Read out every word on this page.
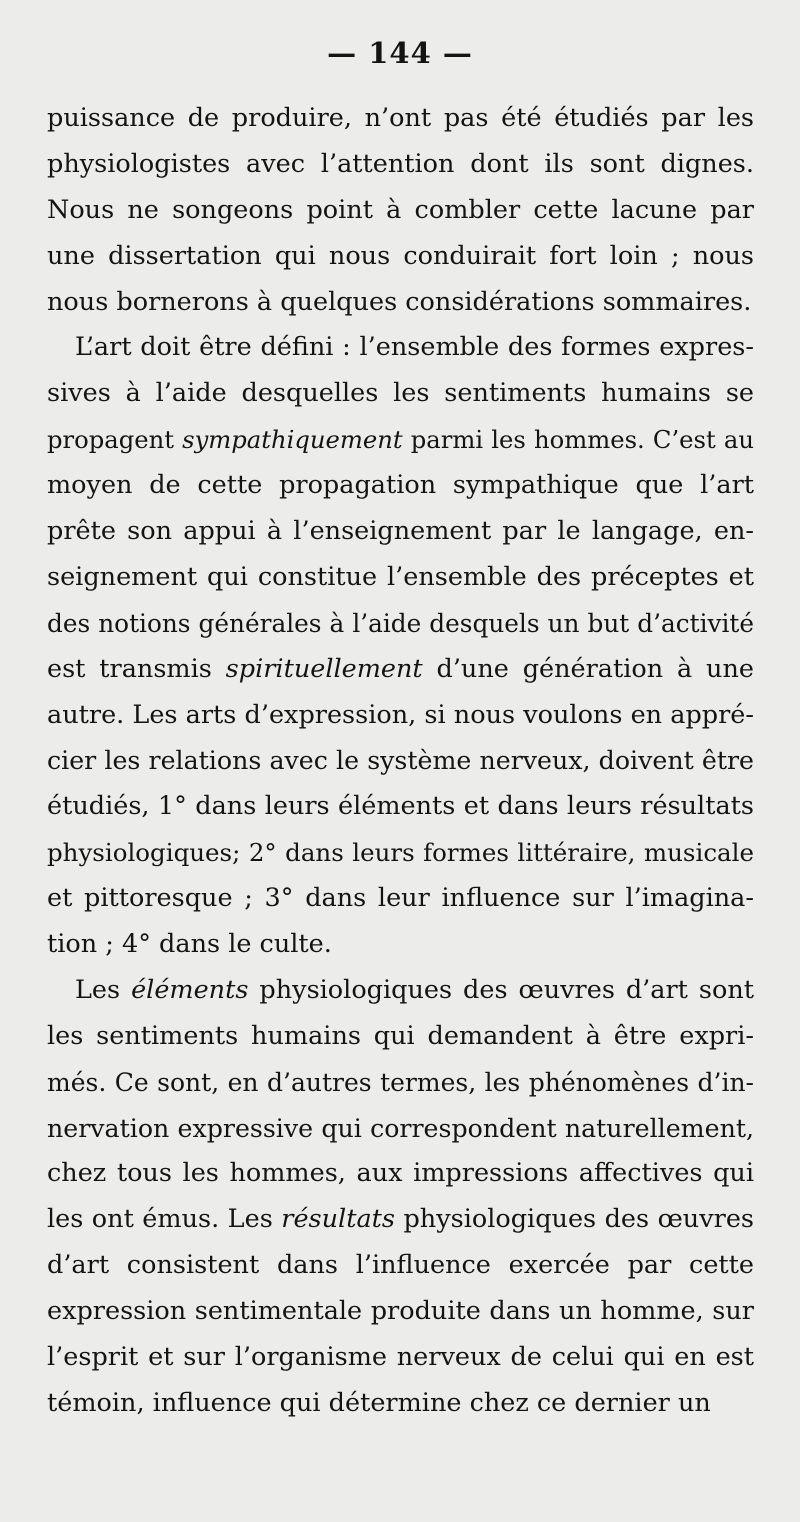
— 144 —
puissance de produire, n’ont pas été étudiés par les
physiologistes avec l’attention dont ils sont dignes.
Nous ne songeons point à combler cette lacune par
une dissertation qui nous conduirait fort loin ; nous
nous bornerons à quelques considérations sommaires.
L’art doit être défini : l’ensemble des formes expres-
sives à l’aide desquelles les sentiments humains se
propagent sympathiquement parmi les hommes. C’est au
moyen de cette propagation sympathique que l’art
prête son appui à l’enseignement par le langage, en-
seignement qui constitue l’ensemble des préceptes et
des notions générales à l’aide desquels un but d’activité
est transmis spirituellement d’une génération à une
autre. Les arts d’expression, si nous voulons en appré-
cier les relations avec le système nerveux, doivent être
étudiés, 1° dans leurs éléments et dans leurs résultats
physiologiques; 2° dans leurs formes littéraire, musicale
et pittoresque ; 3° dans leur influence sur l’imagina-
tion ; 4° dans le culte.
Les éléments physiologiques des œuvres d’art sont
les sentiments humains qui demandent à être expri-
més. Ce sont, en d’autres termes, les phénomènes d’in-
nervation expressive qui correspondent naturellement,
chez tous les hommes, aux impressions affectives qui
les ont émus. Les résultats physiologiques des œuvres
d’art consistent dans l’influence exercée par cette
expression sentimentale produite dans un homme, sur
l’esprit et sur l’organisme nerveux de celui qui en est
témoin, influence qui détermine chez ce dernier un
